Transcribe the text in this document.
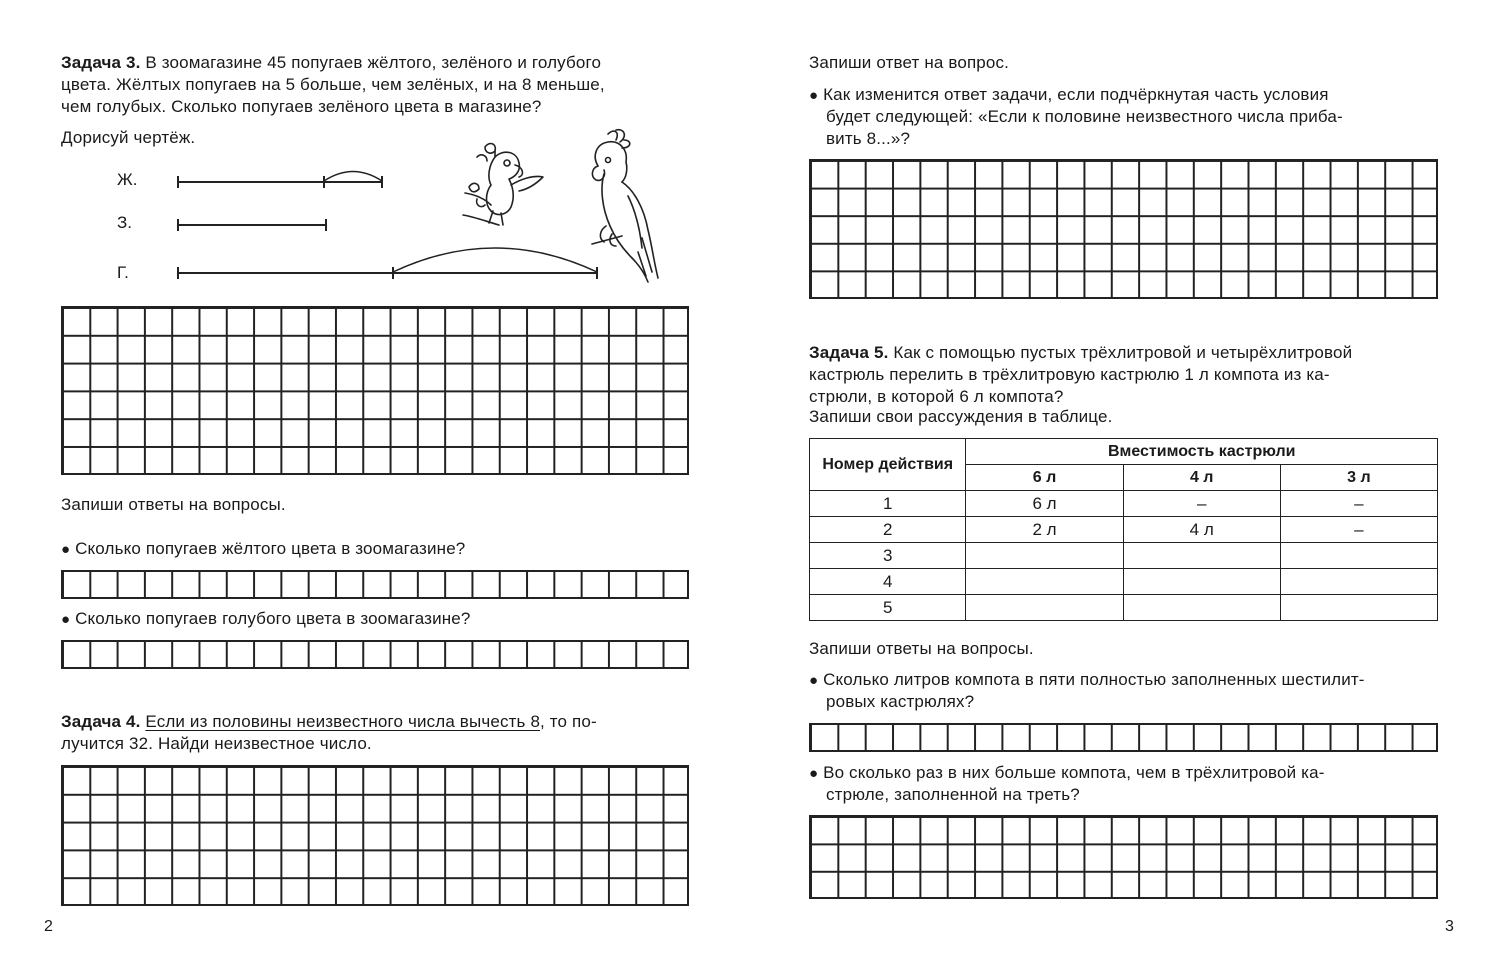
Задача 3. В зоомагазине 45 попугаев жёлтого, зелёного и голубого
цвета. Жёлтых попугаев на 5 больше, чем зелёных, и на 8 меньше,
чем голубых. Сколько попугаев зелёного цвета в магазине?
Дорисуй чертёж.
Ж.
З.
Г.
Запиши ответы на вопросы.
● Сколько попугаев жёлтого цвета в зоомагазине?
● Сколько попугаев голубого цвета в зоомагазине?
Задача 4. Если из половины неизвестного числа вычесть 8, то по-
лучится 32. Найди неизвестное число.
2
Запиши ответ на вопрос.
● Как изменится ответ задачи, если подчёркнутая часть условия
будет следующей: «Если к половине неизвестного числа приба-
вить 8...»?
Задача 5. Как с помощью пустых трёхлитровой и четырёхлитровой
кастрюль перелить в трёхлитровую кастрюлю 1 л компота из ка-
стрюли, в которой 6 л компота?
Запиши свои рассуждения в таблице.
Номер действия	Вместимость кастрюли		
	6 л	4 л	3 л
1	6 л	–	–
2	2 л	4 л	–
3			
4			
5			
Запиши ответы на вопросы.
● Сколько литров компота в пяти полностью заполненных шестилит-
ровых кастрюлях?
● Во сколько раз в них больше компота, чем в трёхлитровой ка-
стрюле, заполненной на треть?
3
